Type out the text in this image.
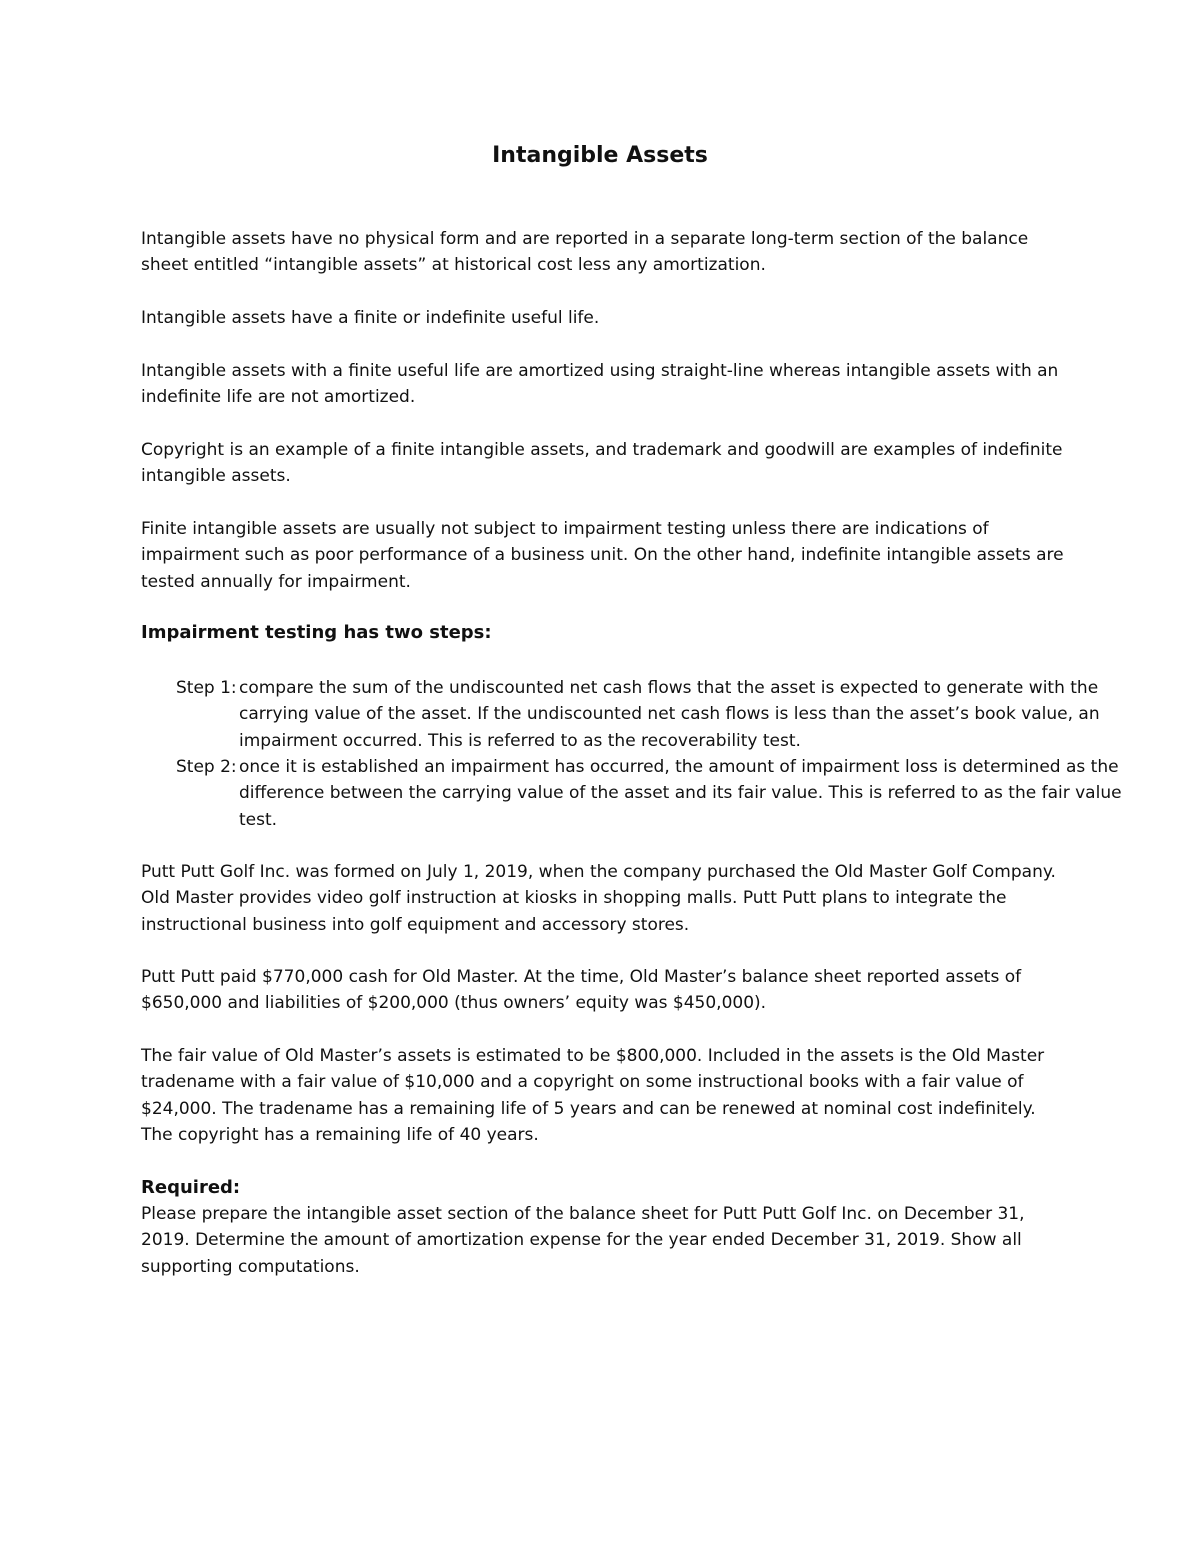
Intangible Assets

Intangible assets have no physical form and are reported in a separate long-term section of the balance sheet entitled “intangible assets” at historical cost less any amortization.

Intangible assets have a finite or indefinite useful life.

Intangible assets with a finite useful life are amortized using straight-line whereas intangible assets with an indefinite life are not amortized.

Copyright is an example of a finite intangible assets, and trademark and goodwill are examples of indefinite intangible assets.

Finite intangible assets are usually not subject to impairment testing unless there are indications of impairment such as poor performance of a business unit. On the other hand, indefinite intangible assets are tested annually for impairment.

Impairment testing has two steps:

Step 1: compare the sum of the undiscounted net cash flows that the asset is expected to generate with the carrying value of the asset. If the undiscounted net cash flows is less than the asset’s book value, an impairment occurred. This is referred to as the recoverability test.

Step 2: once it is established an impairment has occurred, the amount of impairment loss is determined as the difference between the carrying value of the asset and its fair value. This is referred to as the fair value test.

Putt Putt Golf Inc. was formed on July 1, 2019, when the company purchased the Old Master Golf Company. Old Master provides video golf instruction at kiosks in shopping malls. Putt Putt plans to integrate the instructional business into golf equipment and accessory stores.

Putt Putt paid $770,000 cash for Old Master. At the time, Old Master’s balance sheet reported assets of $650,000 and liabilities of $200,000 (thus owners’ equity was $450,000).

The fair value of Old Master’s assets is estimated to be $800,000. Included in the assets is the Old Master tradename with a fair value of $10,000 and a copyright on some instructional books with a fair value of $24,000. The tradename has a remaining life of 5 years and can be renewed at nominal cost indefinitely. The copyright has a remaining life of 40 years.

Required:

Please prepare the intangible asset section of the balance sheet for Putt Putt Golf Inc. on December 31, 2019. Determine the amount of amortization expense for the year ended December 31, 2019. Show all supporting computations.
